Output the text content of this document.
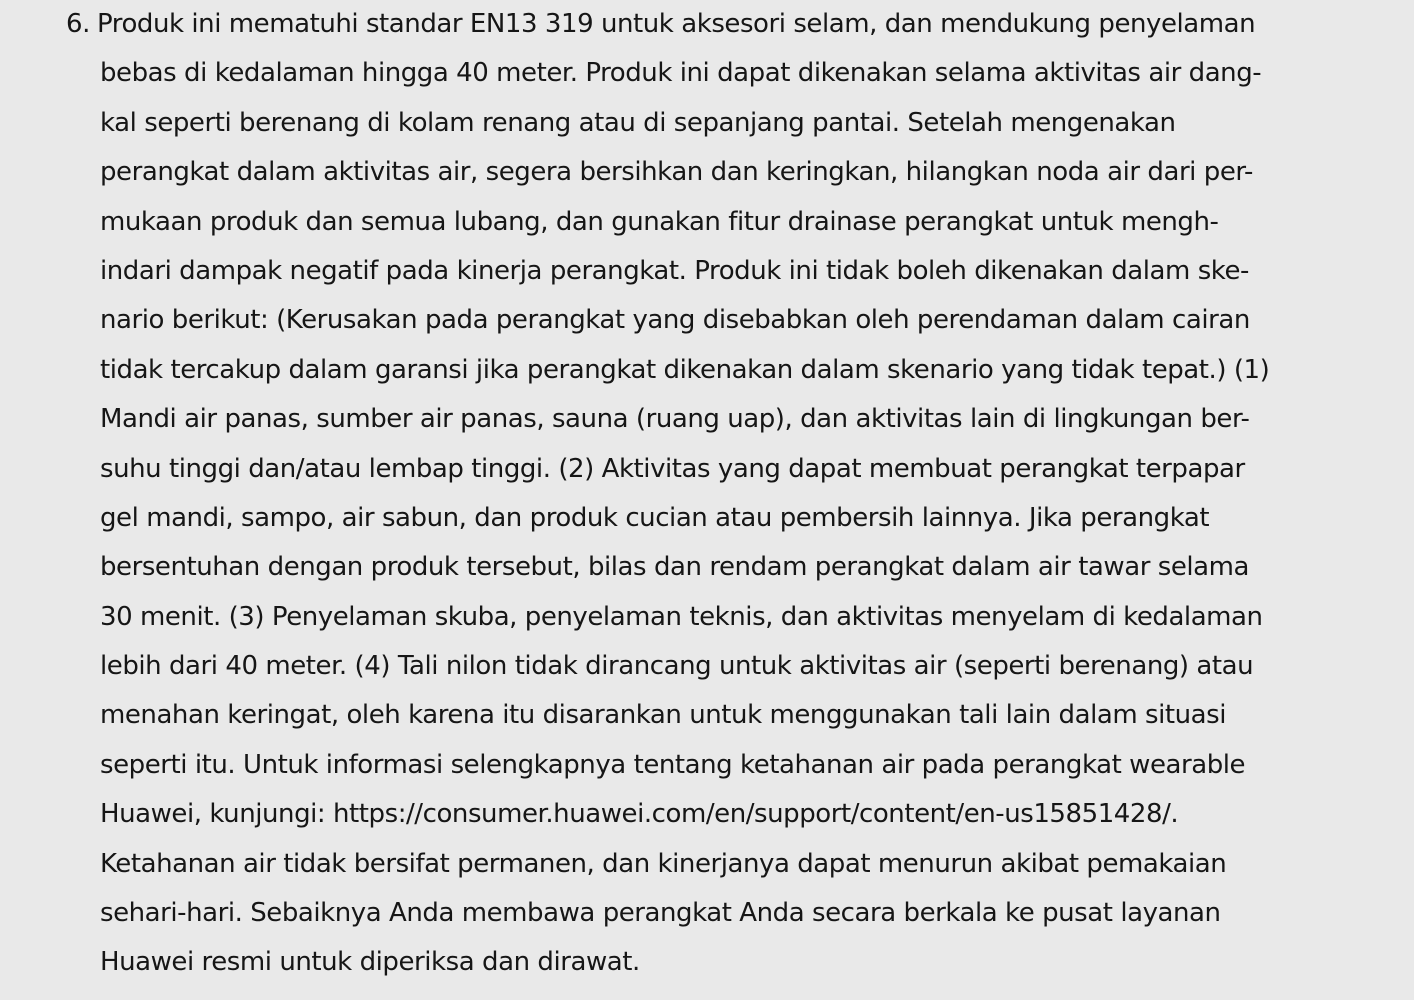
6. Produk ini mematuhi standar EN13 319 untuk aksesori selam, dan mendukung penyelaman
bebas di kedalaman hingga 40 meter. Produk ini dapat dikenakan selama aktivitas air dang-
kal seperti berenang di kolam renang atau di sepanjang pantai. Setelah mengenakan
perangkat dalam aktivitas air, segera bersihkan dan keringkan, hilangkan noda air dari per-
mukaan produk dan semua lubang, dan gunakan fitur drainase perangkat untuk mengh-
indari dampak negatif pada kinerja perangkat. Produk ini tidak boleh dikenakan dalam ske-
nario berikut: (Kerusakan pada perangkat yang disebabkan oleh perendaman dalam cairan
tidak tercakup dalam garansi jika perangkat dikenakan dalam skenario yang tidak tepat.) (1)
Mandi air panas, sumber air panas, sauna (ruang uap), dan aktivitas lain di lingkungan ber-
suhu tinggi dan/atau lembap tinggi. (2) Aktivitas yang dapat membuat perangkat terpapar
gel mandi, sampo, air sabun, dan produk cucian atau pembersih lainnya. Jika perangkat
bersentuhan dengan produk tersebut, bilas dan rendam perangkat dalam air tawar selama
30 menit. (3) Penyelaman skuba, penyelaman teknis, dan aktivitas menyelam di kedalaman
lebih dari 40 meter. (4) Tali nilon tidak dirancang untuk aktivitas air (seperti berenang) atau
menahan keringat, oleh karena itu disarankan untuk menggunakan tali lain dalam situasi
seperti itu. Untuk informasi selengkapnya tentang ketahanan air pada perangkat wearable
Huawei, kunjungi: https://consumer.huawei.com/en/support/content/en-us15851428/.
Ketahanan air tidak bersifat permanen, dan kinerjanya dapat menurun akibat pemakaian
sehari-hari. Sebaiknya Anda membawa perangkat Anda secara berkala ke pusat layanan
Huawei resmi untuk diperiksa dan dirawat.
